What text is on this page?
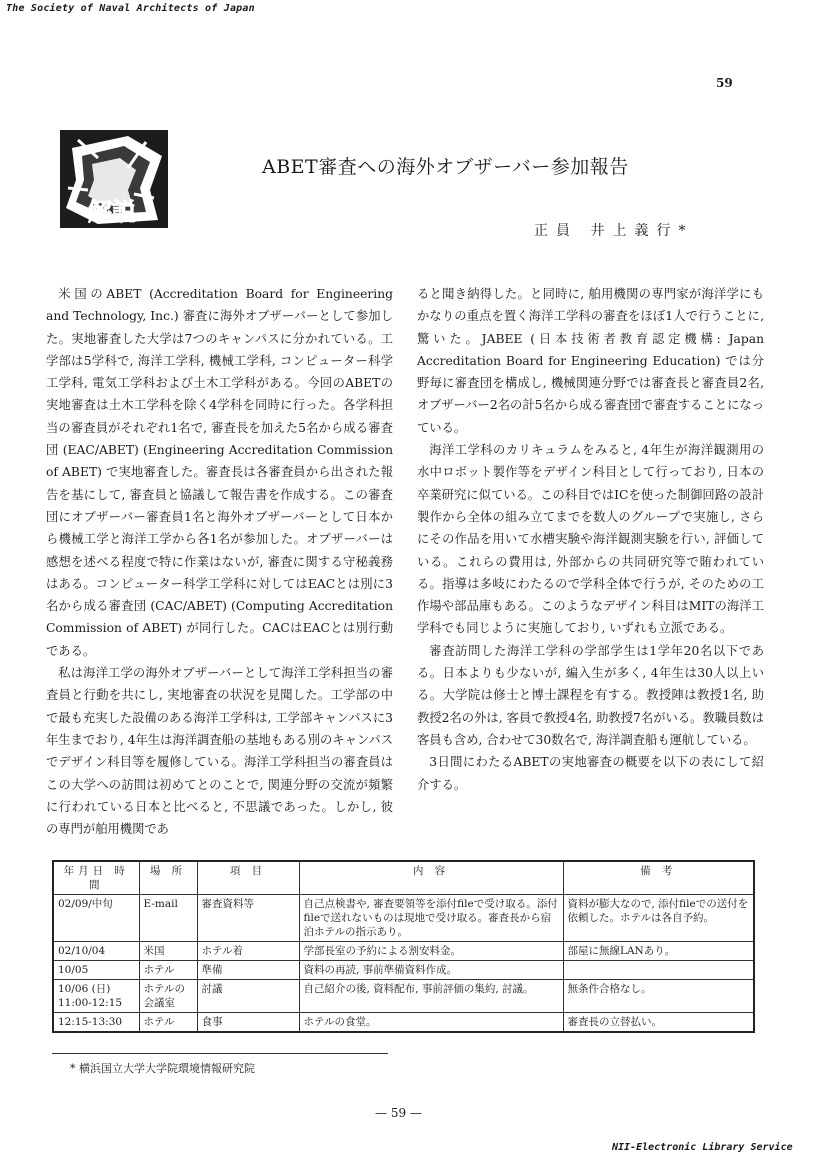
The Society of Naval Architects of Japan
59
解説
ABET審査への海外オブザーバー参加報告
正員 井上義行*

米国のABET (Accreditation Board for Engineering and Technology, Inc.) 審査に海外オブザーバーとして参加した。実地審査した大学は7つのキャンパスに分かれている。工学部は5学科で, 海洋工学科, 機械工学科, コンピューター科学工学科, 電気工学科および土木工学科がある。今回のABETの実地審査は土木工学科を除く4学科を同時に行った。各学科担当の審査員がそれぞれ1名で, 審査長を加えた5名から成る審査団 (EAC/ABET) (Engineering Accreditation Commission of ABET) で実地審査した。審査長は各審査員から出された報告を基にして, 審査員と協議して報告書を作成する。この審査団にオブザーバー審査員1名と海外オブザーバーとして日本から機械工学と海洋工学から各1名が参加した。オブザーバーは感想を述べる程度で特に作業はないが, 審査に関する守秘義務はある。コンピューター科学工学科に対してはEACとは別に3名から成る審査団 (CAC/ABET) (Computing Accreditation Commission of ABET) が同行した。CACはEACとは別行動である。

私は海洋工学の海外オブザーバーとして海洋工学科担当の審査員と行動を共にし, 実地審査の状況を見聞した。工学部の中で最も充実した設備のある海洋工学科は, 工学部キャンパスに3年生までおり, 4年生は海洋調査船の基地もある別のキャンパスでデザイン科目等を履修している。海洋工学科担当の審査員はこの大学への訪問は初めてとのことで, 関連分野の交流が頻繁に行われている日本と比べると, 不思議であった。しかし, 彼の専門が舶用機関であ

ると聞き納得した。と同時に, 舶用機関の専門家が海洋学にもかなりの重点を置く海洋工学科の審査をほぼ1人で行うことに, 驚いた。JABEE (日本技術者教育認定機構: Japan Accreditation Board for Engineering Education) では分野毎に審査団を構成し, 機械関連分野では審査長と審査員2名, オブザーバー2名の計5名から成る審査団で審査することになっている。

海洋工学科のカリキュラムをみると, 4年生が海洋観測用の水中ロボット製作等をデザイン科目として行っており, 日本の卒業研究に似ている。この科目ではICを使った制御回路の設計製作から全体の組み立てまでを数人のグループで実施し, さらにその作品を用いて水槽実験や海洋観測実験を行い, 評価している。これらの費用は, 外部からの共同研究等で賄われている。指導は多岐にわたるので学科全体で行うが, そのための工作場や部品庫もある。このようなデザイン科目はMITの海洋工学科でも同じように実施しており, いずれも立派である。

審査訪問した海洋工学科の学部学生は1学年20名以下である。日本よりも少ないが, 編入生が多く, 4年生は30人以上いる。大学院は修士と博士課程を有する。教授陣は教授1名, 助教授2名の外は, 客員で教授4名, 助教授7名がいる。教職員数は客員も含め, 合わせて30数名で, 海洋調査船も運航している。

3日間にわたるABETの実地審査の概要を以下の表にして紹介する。

年月日 時間	場 所	項 目	内 容	備 考
02/09/中旬	E-mail	審査資料等	自己点検書や, 審査要領等を添付fileで受け取る。添付fileで送れないものは現地で受け取る。審査長から宿泊ホテルの指示あり。	資料が膨大なので, 添付fileでの送付を依頼した。ホテルは各自予約。
02/10/04	米国	ホテル着	学部長室の予約による割安料金。	部屋に無線LANあり。
10/05	ホテル	準備	資料の再読, 事前準備資料作成。	
10/06 (日)
11:00-12:15	ホテルの会議室	討議	自己紹介の後, 資料配布, 事前評価の集約, 討議。	無条件合格なし。
12:15-13:30	ホテル	食事	ホテルの食堂。	審査長の立替払い。
* 横浜国立大学大学院環境情報研究院
— 59 —
NII-Electronic Library Service
